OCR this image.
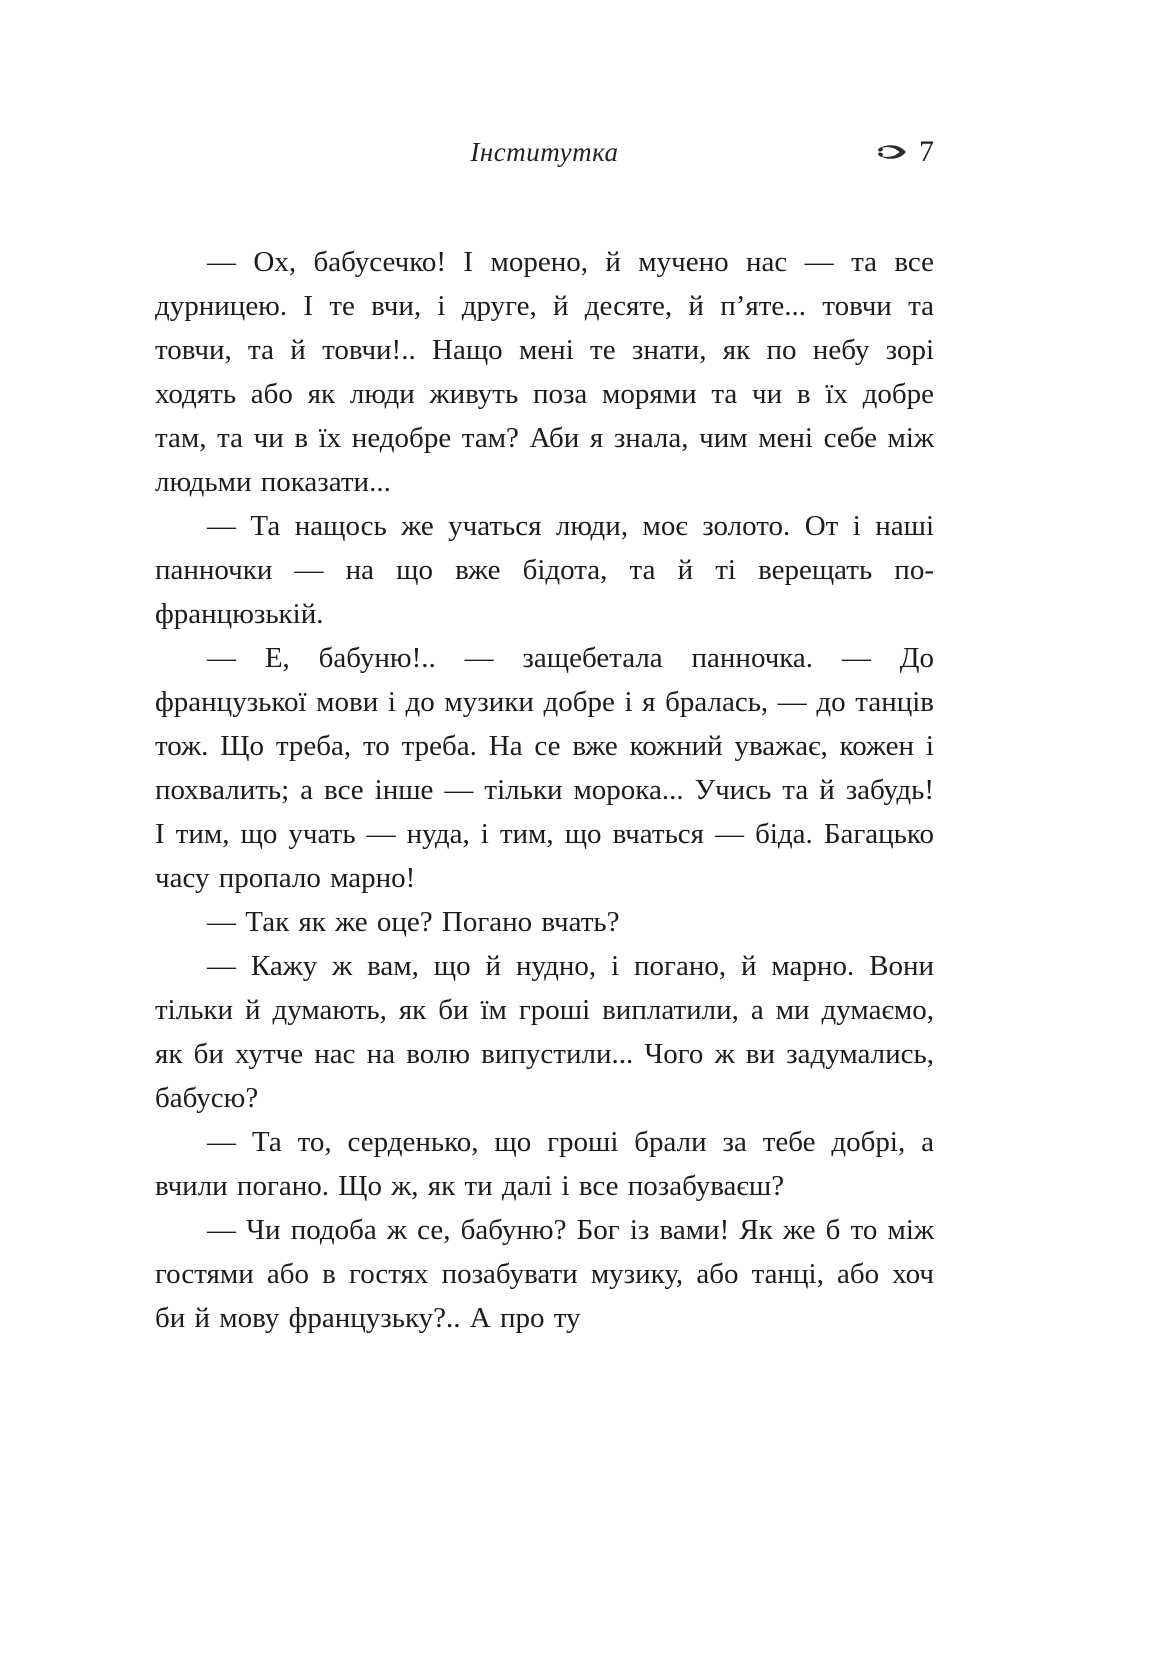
Інститутка	7

— Ох, бабусечко! І морено, й мучено нас — та все дурницею. І те вчи, і друге, й десяте, й п’яте... товчи та товчи, та й товчи!.. Нащо мені те знати, як по небу зорі ходять або як люди живуть поза морями та чи в їх добре там, та чи в їх недобре там? Аби я знала, чим мені себе між людьми показати...

— Та нащось же учаться люди, моє золото. От і наші панночки — на що вже бідота, та й ті верещать по-францюзькій.

— Е, бабуню!.. — защебетала панночка. — До французької мови і до музики добре і я бралась, — до танців тож. Що треба, то треба. На се вже кожний уважає, кожен і похвалить; а все інше — тільки морока... Учись та й забудь! І тим, що учать — нуда, і тим, що вчаться — біда. Багацько часу пропало марно!

— Так як же оце? Погано вчать?

— Кажу ж вам, що й нудно, і погано, й марно. Вони тільки й думають, як би їм гроші виплатили, а ми думаємо, як би хутче нас на волю випустили... Чого ж ви задумались, бабусю?

— Та то, серденько, що гроші брали за тебе добрі, а вчили погано. Що ж, як ти далі і все позабуваєш?

— Чи подоба ж се, бабуню? Бог із вами! Як же б то між гостями або в гостях позабувати музику, або танці, або хоч би й мову французьку?.. А про ту
